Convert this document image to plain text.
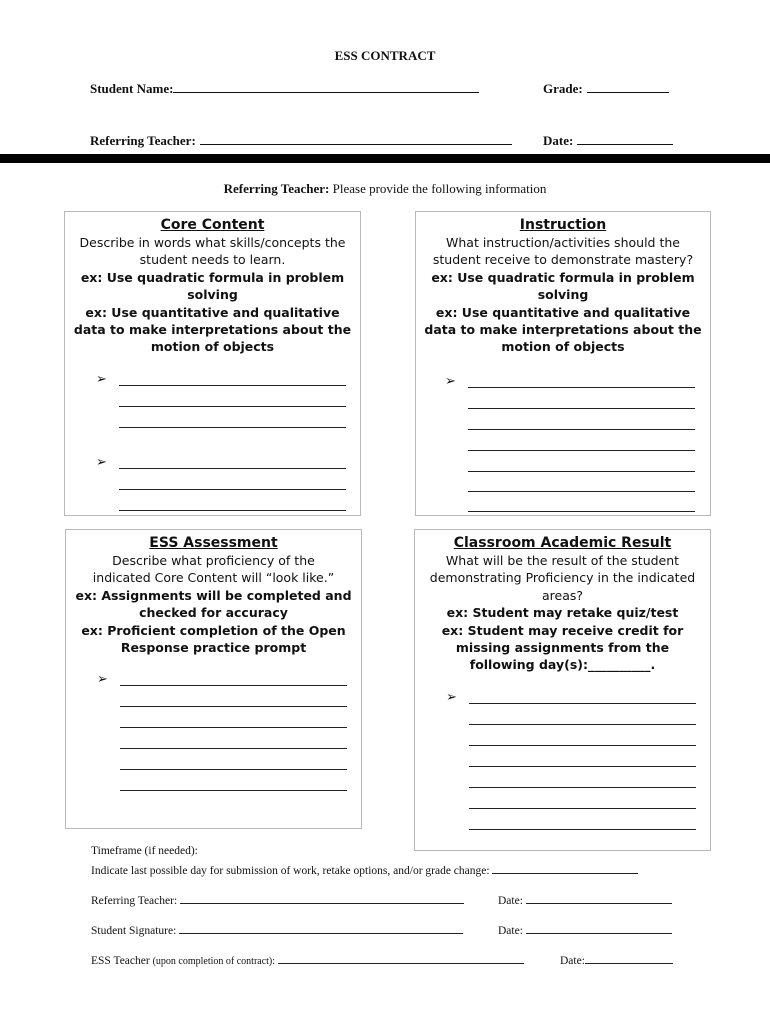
ESS CONTRACT
Student Name:	Grade:
Referring Teacher:	Date:
Referring Teacher: Please provide the following information
Core Content
Describe in words what skills/concepts the student needs to learn.
ex: Use quadratic formula in problem solving
ex: Use quantitative and qualitative data to make interpretations about the motion of objects
➢
➢
Instruction
What instruction/activities should the student receive to demonstrate mastery?
ex: Use quadratic formula in problem solving
ex: Use quantitative and qualitative data to make interpretations about the motion of objects
➢
ESS Assessment
Describe what proficiency of the indicated Core Content will “look like.”
ex: Assignments will be completed and checked for accuracy
ex: Proficient completion of the Open Response practice prompt
➢
Classroom Academic Result
What will be the result of the student demonstrating Proficiency in the indicated areas?
ex: Student may retake quiz/test
ex: Student may receive credit for missing assignments from the following day(s):__________.
➢
Timeframe (if needed):
Indicate last possible day for submission of work, retake options, and/or grade change:
Referring Teacher:	Date:
Student Signature:	Date:
ESS Teacher (upon completion of contract):	Date:
